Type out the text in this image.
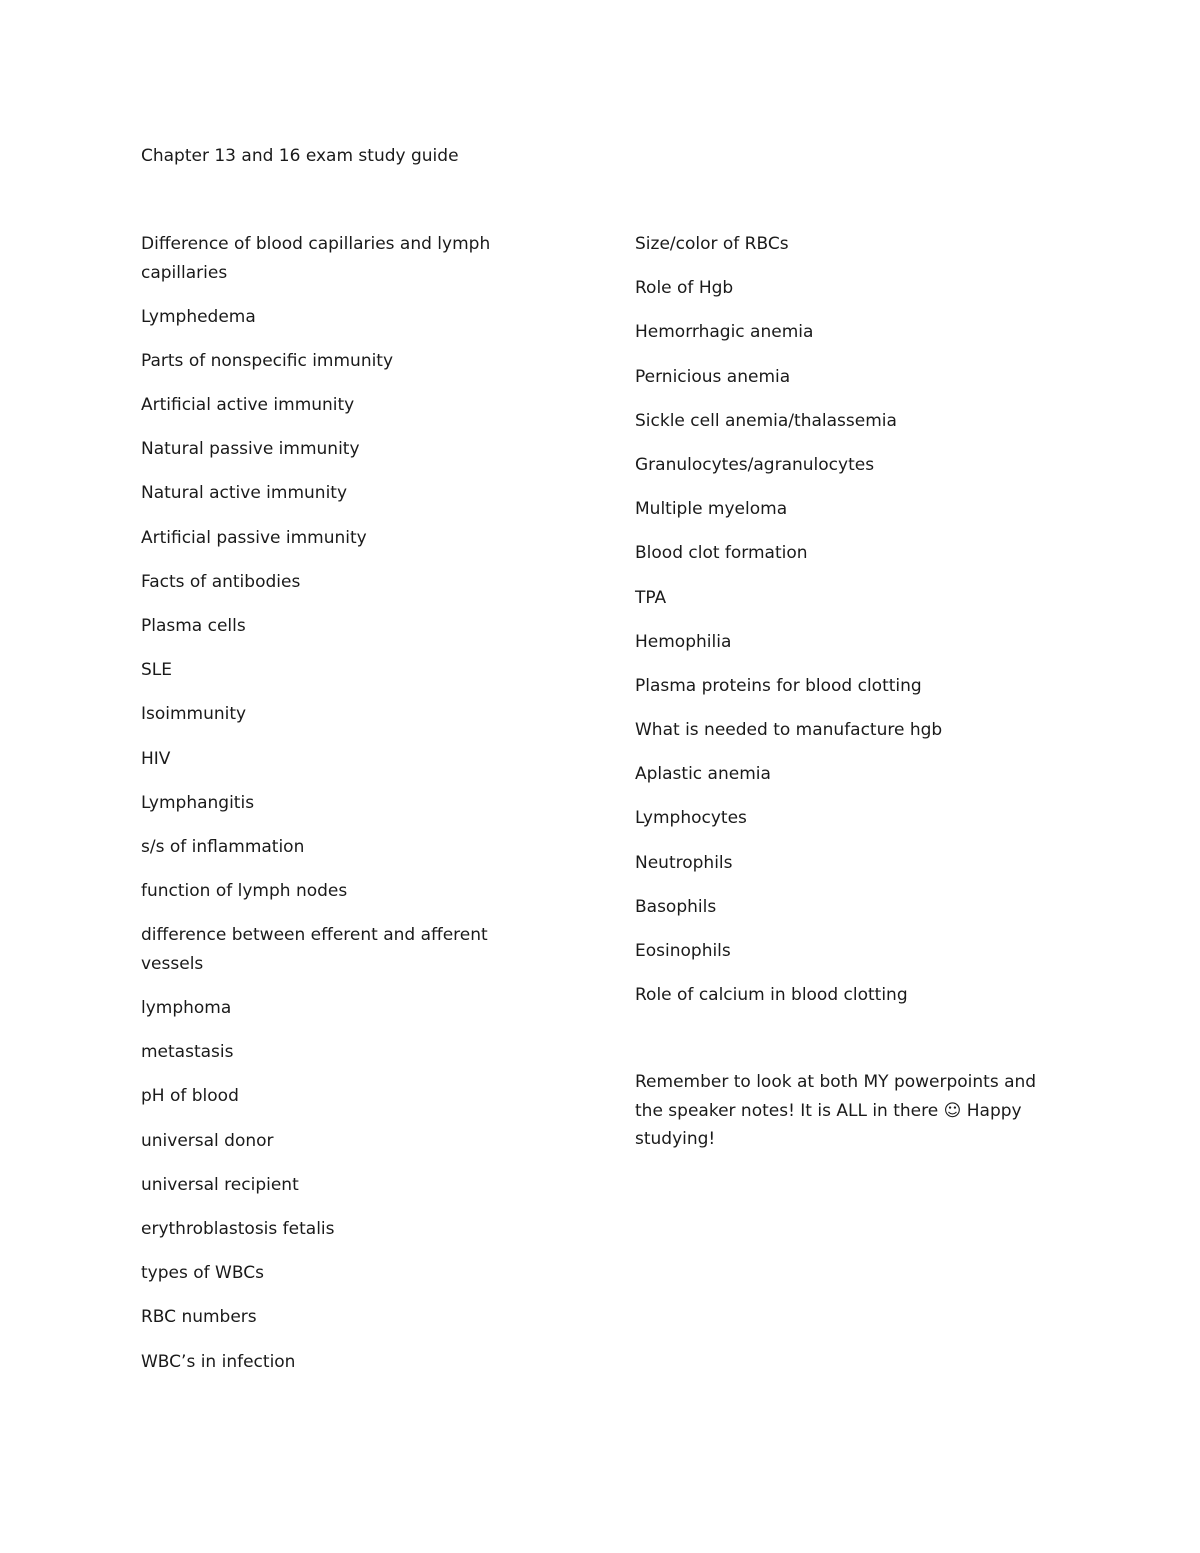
Chapter 13 and 16 exam study guide
Difference of blood capillaries and lymph capillaries
Lymphedema
Parts of nonspecific immunity
Artificial active immunity
Natural passive immunity
Natural active immunity
Artificial passive immunity
Facts of antibodies
Plasma cells
SLE
Isoimmunity
HIV
Lymphangitis
s/s of inflammation
function of lymph nodes
difference between efferent and afferent vessels
lymphoma
metastasis
pH of blood
universal donor
universal recipient
erythroblastosis fetalis
types of WBCs
RBC numbers
WBC’s in infection
Size/color of RBCs
Role of Hgb
Hemorrhagic anemia
Pernicious anemia
Sickle cell anemia/thalassemia
Granulocytes/agranulocytes
Multiple myeloma
Blood clot formation
TPA
Hemophilia
Plasma proteins for blood clotting
What is needed to manufacture hgb
Aplastic anemia
Lymphocytes
Neutrophils
Basophils
Eosinophils
Role of calcium in blood clotting

Remember to look at both MY powerpoints and the speaker notes! It is ALL in there ☺ Happy studying!
